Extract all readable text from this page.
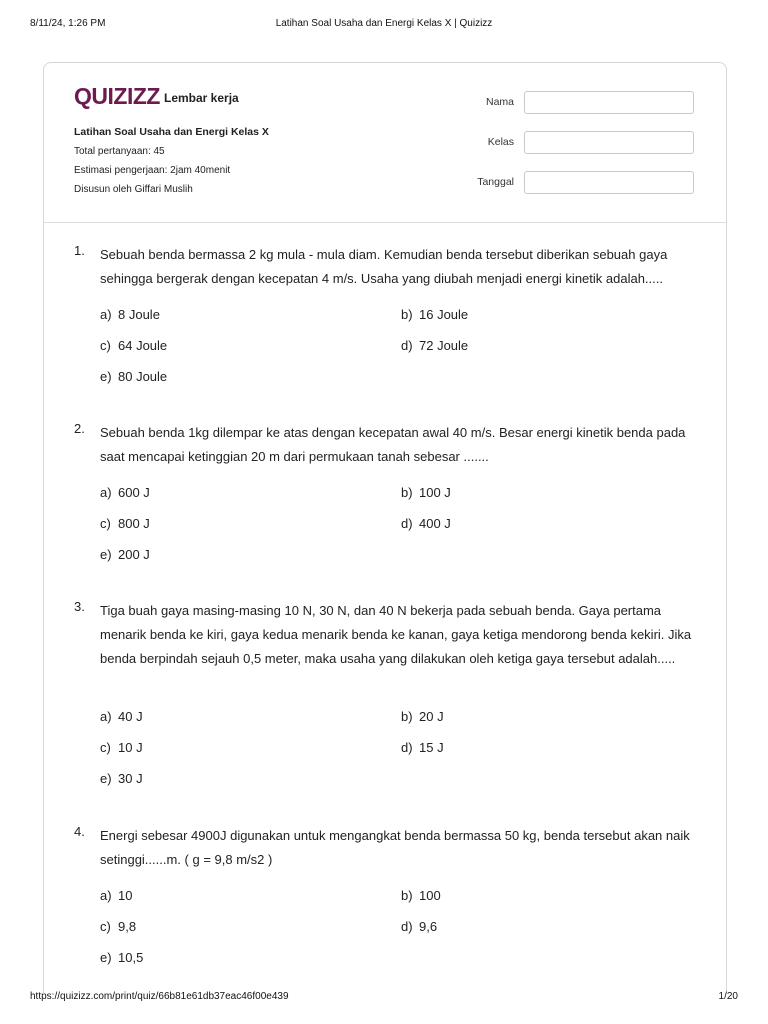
8/11/24, 1:26 PM	Latihan Soal Usaha dan Energi Kelas X | Quizizz
QUIZIZZ Lembar kerja
Latihan Soal Usaha dan Energi Kelas X
Total pertanyaan: 45
Estimasi pengerjaan: 2jam 40menit
Disusun oleh Giffari Muslih
Nama
Kelas
Tanggal
1. Sebuah benda bermassa 2 kg mula - mula diam. Kemudian benda tersebut diberikan sebuah gaya sehingga bergerak dengan kecepatan 4 m/s. Usaha yang diubah menjadi energi kinetik adalah.....
a) 8 Joule	b) 16 Joule
c) 64 Joule	d) 72 Joule
e) 80 Joule
2. Sebuah benda 1kg dilempar ke atas dengan kecepatan awal 40 m/s. Besar energi kinetik benda pada saat mencapai ketinggian 20 m dari permukaan tanah sebesar .......
a) 600 J	b) 100 J
c) 800 J	d) 400 J
e) 200 J
3. Tiga buah gaya masing-masing 10 N, 30 N, dan 40 N bekerja pada sebuah benda. Gaya pertama menarik benda ke kiri, gaya kedua menarik benda ke kanan, gaya ketiga mendorong benda kekiri. Jika benda berpindah sejauh 0,5 meter, maka usaha yang dilakukan oleh ketiga gaya tersebut adalah.....
a) 40 J	b) 20 J
c) 10 J	d) 15 J
e) 30 J
4. Energi sebesar 4900J digunakan untuk mengangkat benda bermassa 50 kg, benda tersebut akan naik setinggi......m. ( g = 9,8 m/s2 )
a) 10	b) 100
c) 9,8	d) 9,6
e) 10,5
https://quizizz.com/print/quiz/66b81e61db37eac46f00e439	1/20
